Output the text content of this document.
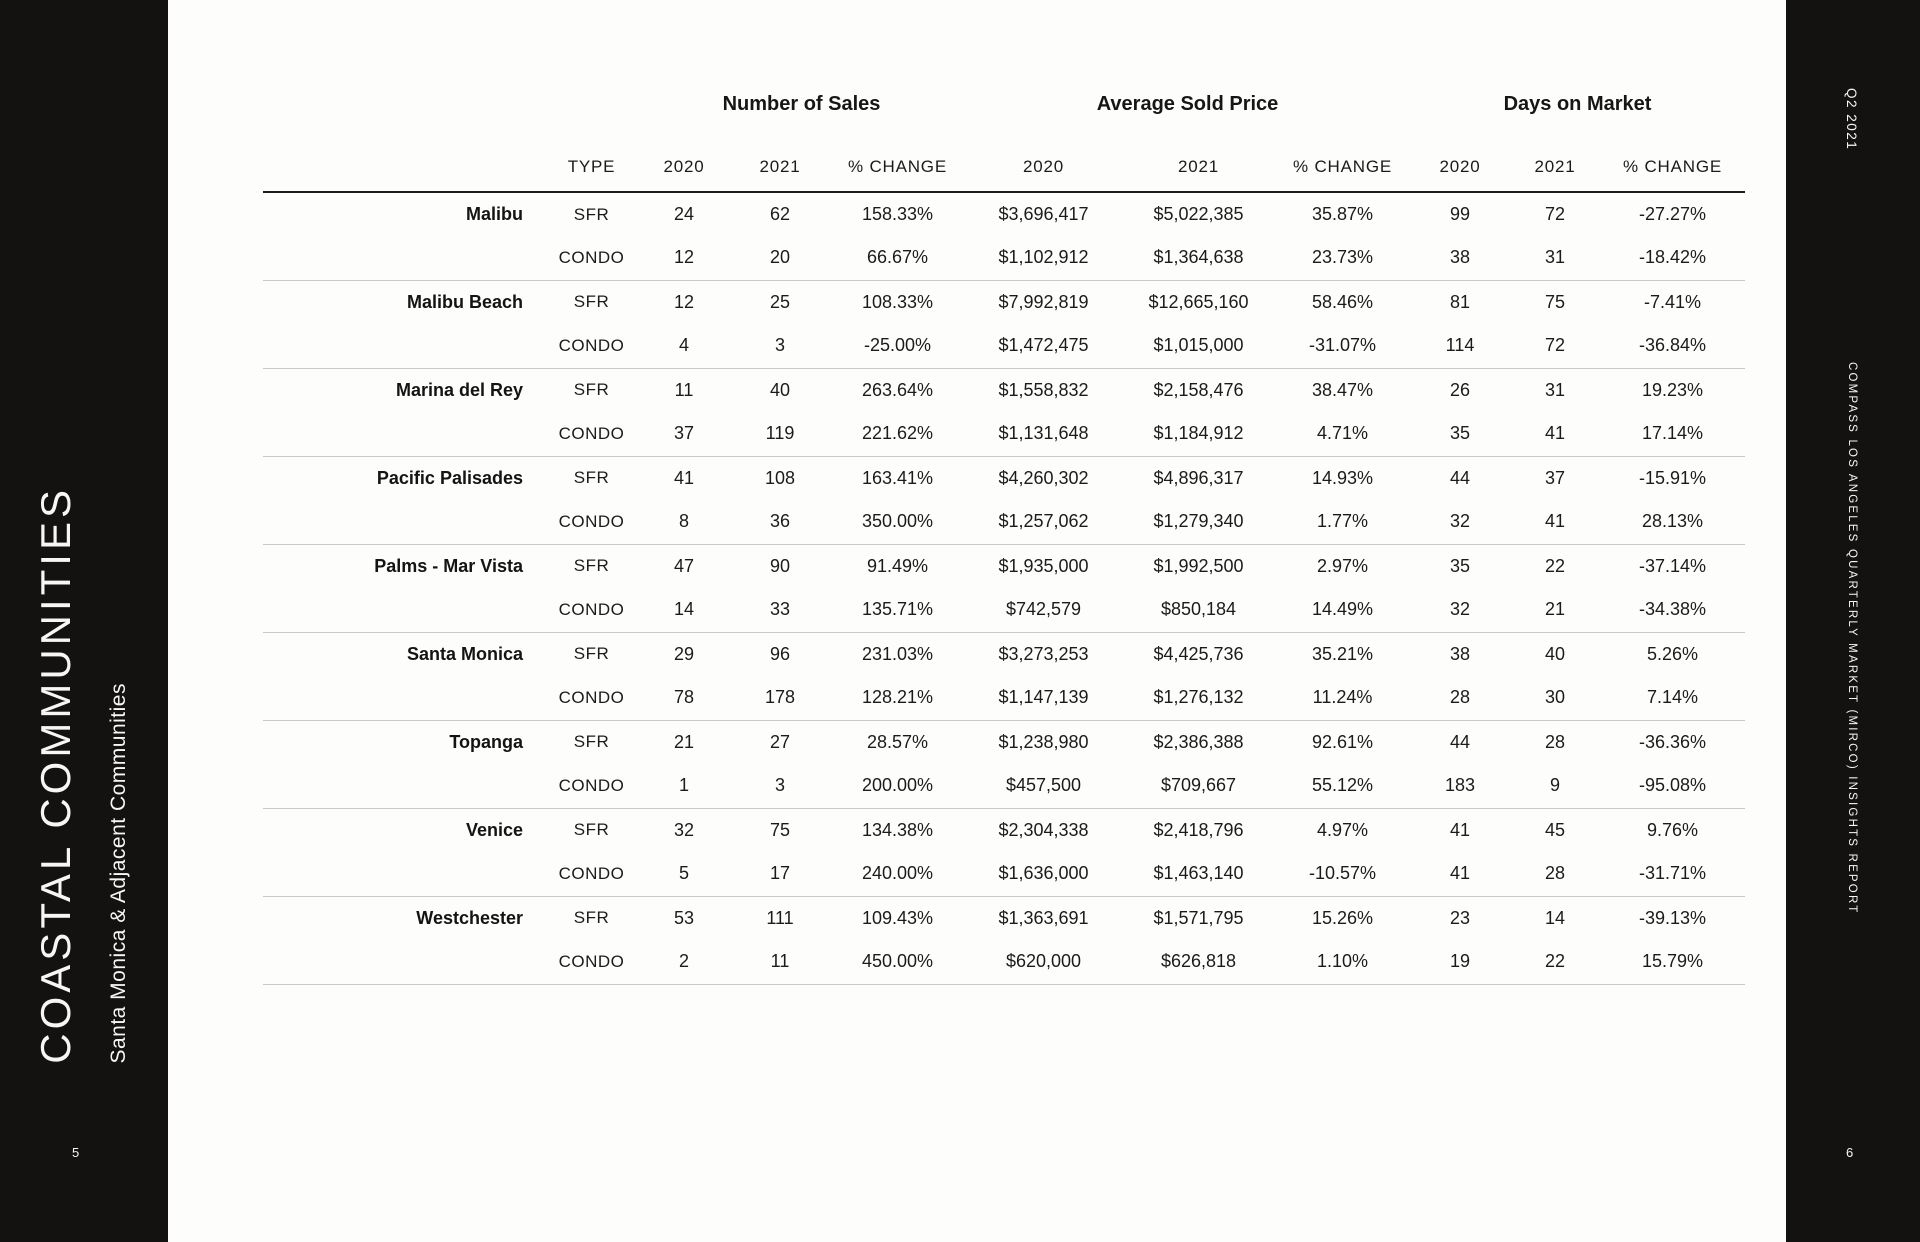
COASTAL COMMUNITIES Santa Monica & Adjacent Communities
5
		Number of Sales			Average Sold Price			Days on Market		
	TYPE	2020	2021	% CHANGE	2020	2021	% CHANGE	2020	2021	% CHANGE
Malibu	SFR	24	62	158.33%	$3,696,417	$5,022,385	35.87%	99	72	-27.27%
	CONDO	12	20	66.67%	$1,102,912	$1,364,638	23.73%	38	31	-18.42%
Malibu Beach	SFR	12	25	108.33%	$7,992,819	$12,665,160	58.46%	81	75	-7.41%
	CONDO	4	3	-25.00%	$1,472,475	$1,015,000	-31.07%	114	72	-36.84%
Marina del Rey	SFR	11	40	263.64%	$1,558,832	$2,158,476	38.47%	26	31	19.23%
	CONDO	37	119	221.62%	$1,131,648	$1,184,912	4.71%	35	41	17.14%
Pacific Palisades	SFR	41	108	163.41%	$4,260,302	$4,896,317	14.93%	44	37	-15.91%
	CONDO	8	36	350.00%	$1,257,062	$1,279,340	1.77%	32	41	28.13%
Palms - Mar Vista	SFR	47	90	91.49%	$1,935,000	$1,992,500	2.97%	35	22	-37.14%
	CONDO	14	33	135.71%	$742,579	$850,184	14.49%	32	21	-34.38%
Santa Monica	SFR	29	96	231.03%	$3,273,253	$4,425,736	35.21%	38	40	5.26%
	CONDO	78	178	128.21%	$1,147,139	$1,276,132	11.24%	28	30	7.14%
Topanga	SFR	21	27	28.57%	$1,238,980	$2,386,388	92.61%	44	28	-36.36%
	CONDO	1	3	200.00%	$457,500	$709,667	55.12%	183	9	-95.08%
Venice	SFR	32	75	134.38%	$2,304,338	$2,418,796	4.97%	41	45	9.76%
	CONDO	5	17	240.00%	$1,636,000	$1,463,140	-10.57%	41	28	-31.71%
Westchester	SFR	53	111	109.43%	$1,363,691	$1,571,795	15.26%	23	14	-39.13%
	CONDO	2	11	450.00%	$620,000	$626,818	1.10%	19	22	15.79%
Q2 2021
COMPASS LOS ANGELES QUARTERLY MARKET (MIRCO) INSIGHTS REPORT
6
